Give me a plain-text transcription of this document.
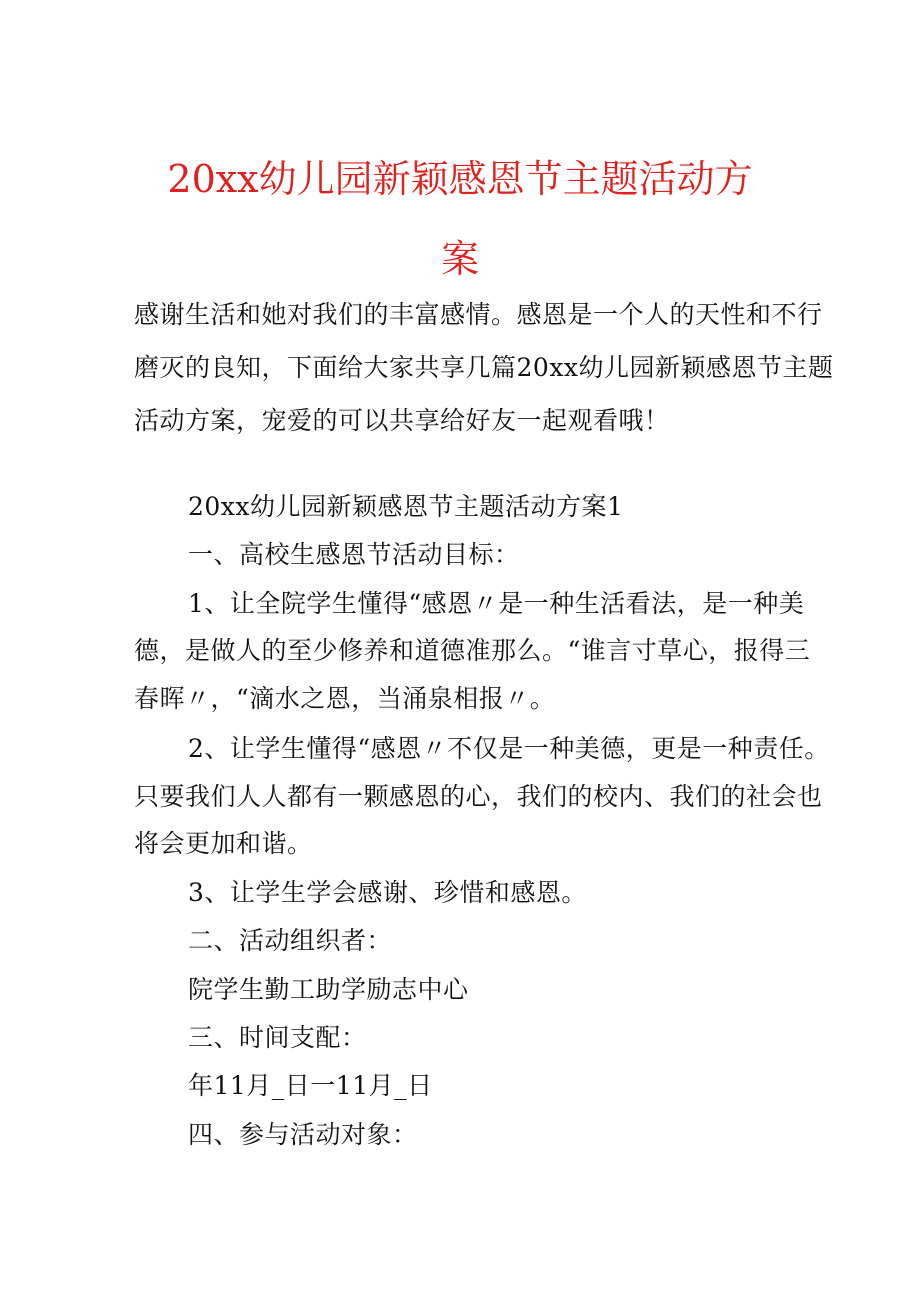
20xx幼儿园新颖感恩节主题活动方
案
感谢生活和她对我们的丰富感情。感恩是一个人的天性和不行
磨灭的良知，下面给大家共享几篇20xx幼儿园新颖感恩节主题
活动方案，宠爱的可以共享给好友一起观看哦！
20xx幼儿园新颖感恩节主题活动方案1
一、高校生感恩节活动目标：
1、让全院学生懂得“感恩〃是一种生活看法，是一种美
德，是做人的至少修养和道德准那么。“谁言寸草心，报得三
春晖〃，“滴水之恩，当涌泉相报〃。
2、让学生懂得“感恩〃不仅是一种美德，更是一种责任。
只要我们人人都有一颗感恩的心，我们的校内、我们的社会也
将会更加和谐。
3、让学生学会感谢、珍惜和感恩。
二、活动组织者：
院学生勤工助学励志中心
三、时间支配：
年11月_日一11月_日
四、参与活动对象：
